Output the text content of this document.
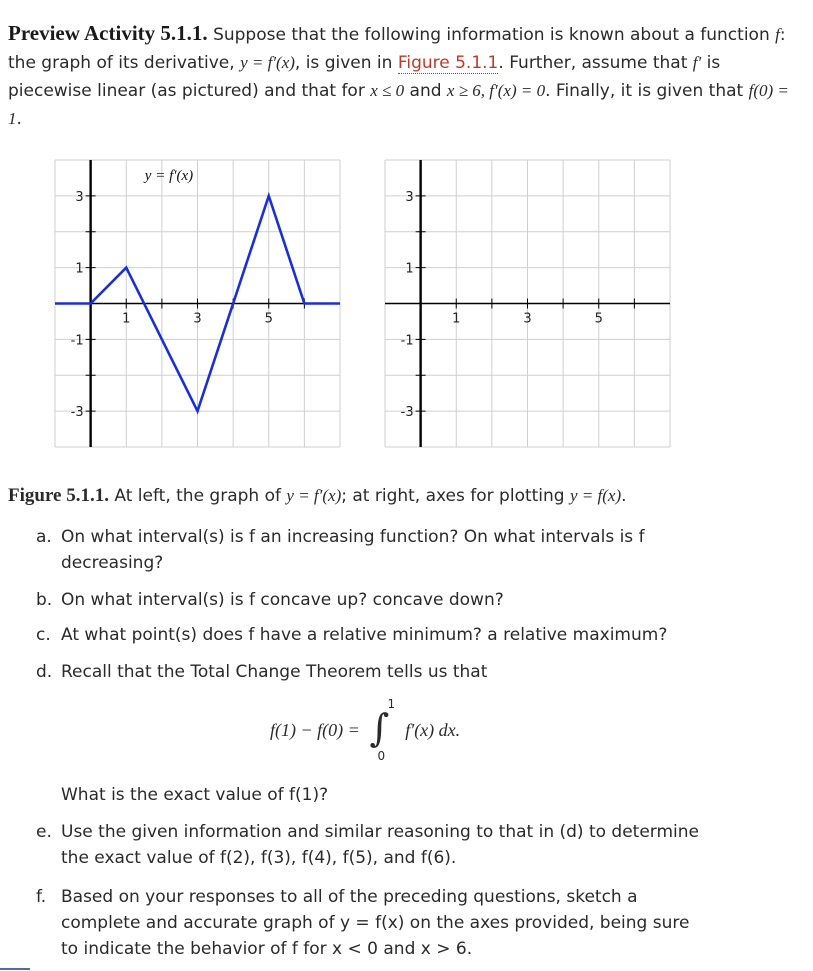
Preview Activity 5.1.1. Suppose that the following information is known about a function f: the graph of its derivative, y = f′(x), is given in Figure 5.1.1. Further, assume that f′ is piecewise linear (as pictured) and that for x ≤ 0 and x ≥ 6, f′(x) = 0. Finally, it is given that f(0) = 1.
1	3	5
3
1
-1
-3
y = f′(x)
1	3	5
3
1
-1
-3
Figure 5.1.1. At left, the graph of y = f′(x); at right, axes for plotting y = f(x).
a. On what interval(s) is f an increasing function? On what intervals is f decreasing?
b. On what interval(s) is f concave up? concave down?
c. At what point(s) does f have a relative minimum? a relative maximum?
d. Recall that the Total Change Theorem tells us that
f(1) − f(0) = ∫
1
0
f′(x) dx.
What is the exact value of f(1)?
e. Use the given information and similar reasoning to that in (d) to determine the exact value of f(2), f(3), f(4), f(5), and f(6).
f. Based on your responses to all of the preceding questions, sketch a complete and accurate graph of y = f(x) on the axes provided, being sure to indicate the behavior of f for x < 0 and x > 6.
